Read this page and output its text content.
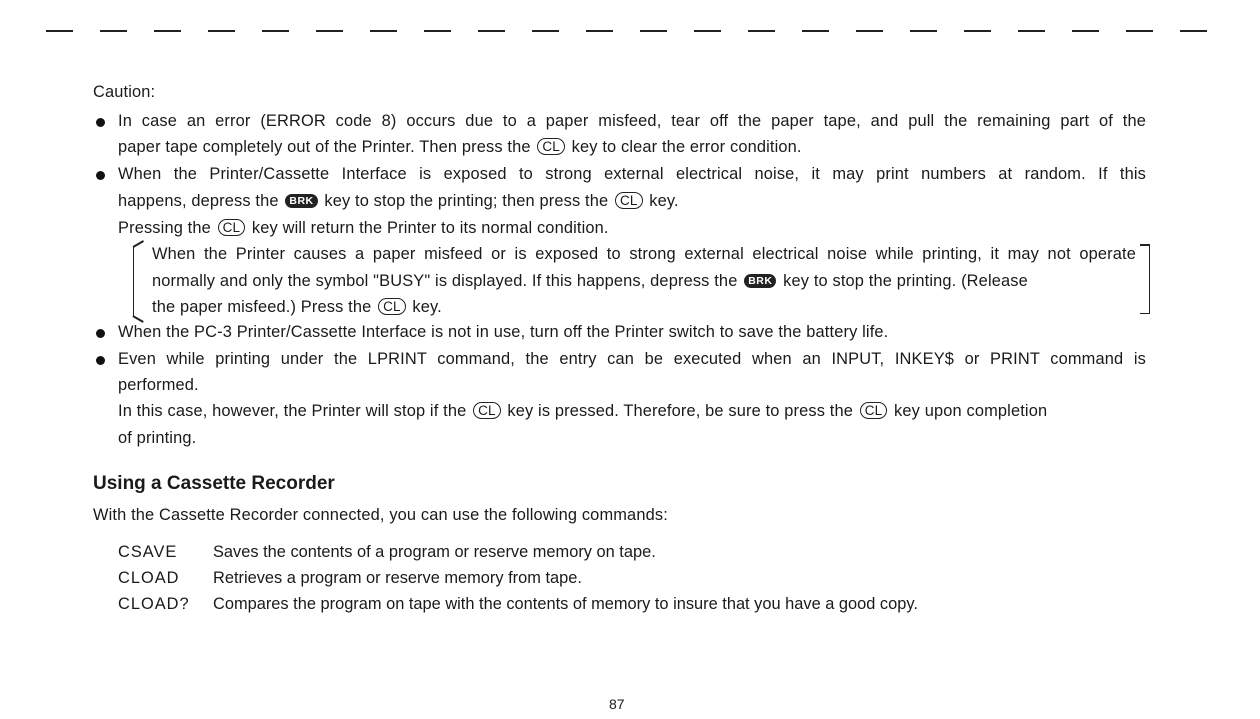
Caution:
In case an error (ERROR code 8) occurs due to a paper misfeed, tear off the paper tape, and pull the remaining part of the
paper tape completely out of the Printer. Then press the CL key to clear the error condition.
When the Printer/Cassette Interface is exposed to strong external electrical noise, it may print numbers at random. If this
happens, depress the BRK key to stop the printing; then press the CL key.
Pressing the CL key will return the Printer to its normal condition.
When the Printer causes a paper misfeed or is exposed to strong external electrical noise while printing, it may not operate
normally and only the symbol "BUSY" is displayed. If this happens, depress the BRK key to stop the printing. (Release
the paper misfeed.) Press the CL key.
When the PC-3 Printer/Cassette Interface is not in use, turn off the Printer switch to save the battery life.
Even while printing under the LPRINT command, the entry can be executed when an INPUT, INKEY$ or PRINT command is
performed.
In this case, however, the Printer will stop if the CL key is pressed. Therefore, be sure to press the CL key upon completion
of printing.
Using a Cassette Recorder
With the Cassette Recorder connected, you can use the following commands:
CSAVE Saves the contents of a program or reserve memory on tape.
CLOAD Retrieves a program or reserve memory from tape.
CLOAD? Compares the program on tape with the contents of memory to insure that you have a good copy.
87
